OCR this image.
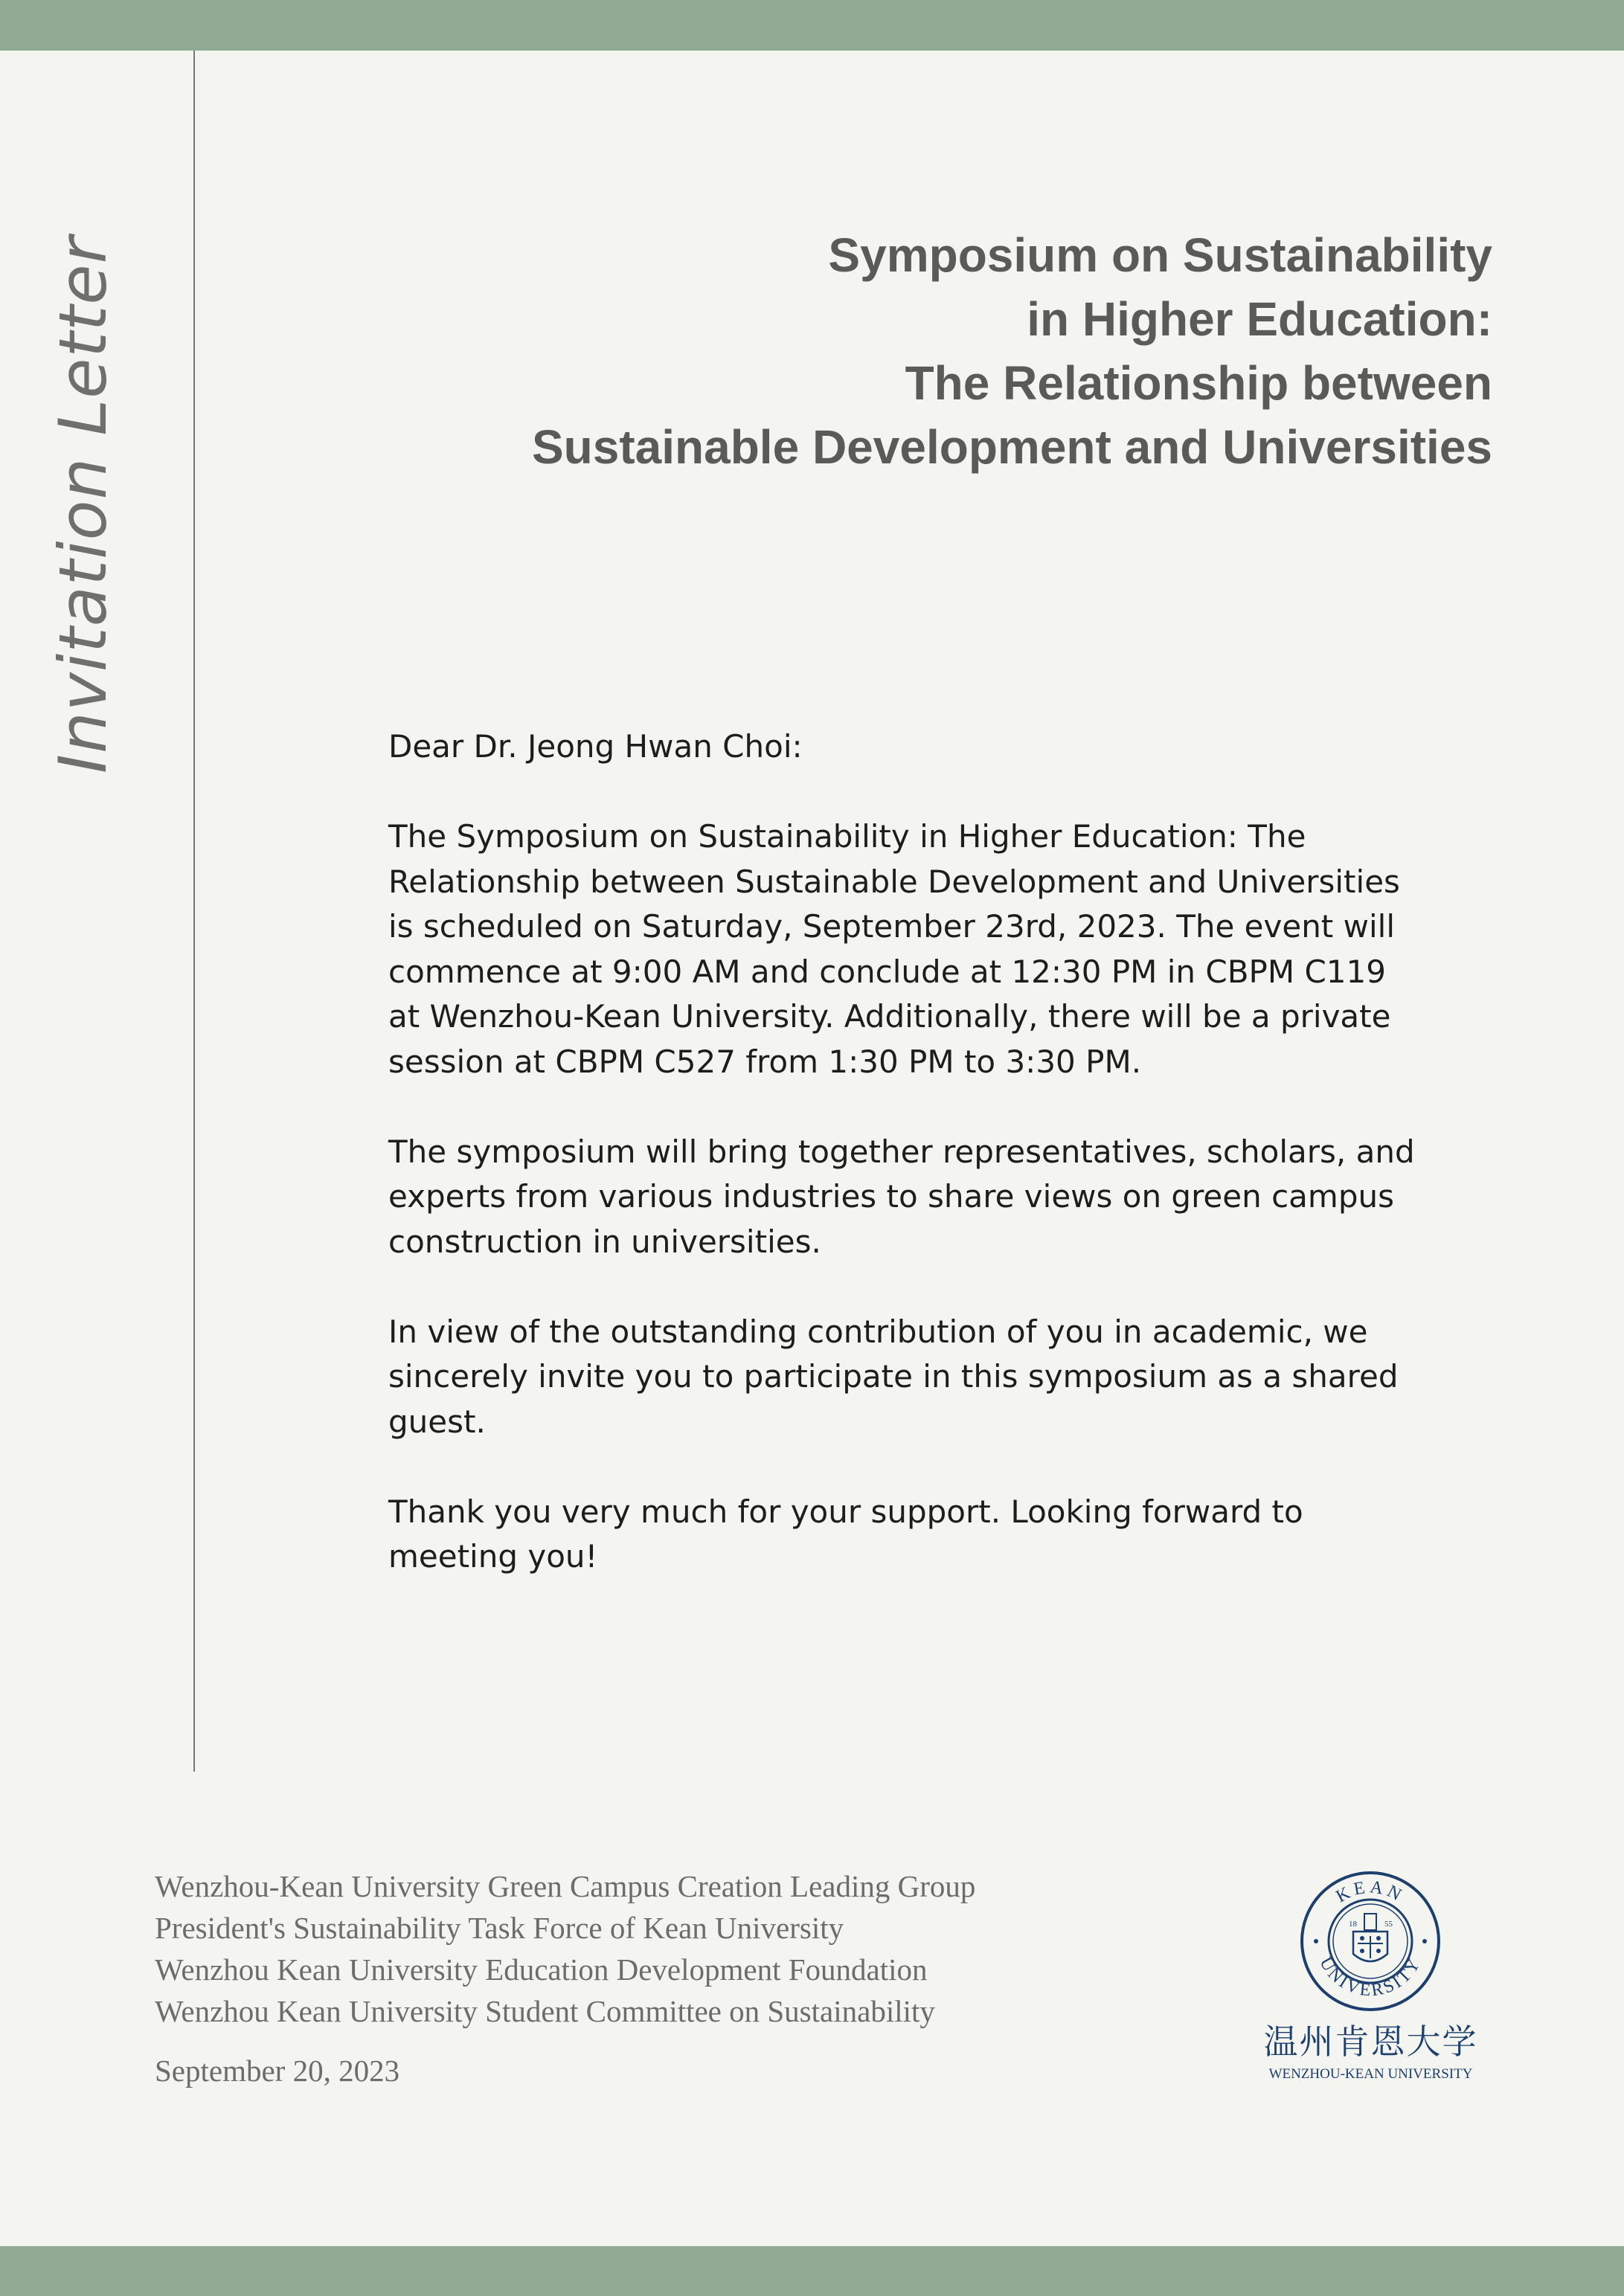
Invitation Letter	Symposium on Sustainability
in Higher Education:
The Relationship between
Sustainable Development and Universities

Dear Dr. Jeong Hwan Choi:

The Symposium on Sustainability in Higher Education: The Relationship between Sustainable Development and Universities is scheduled on Saturday, September 23rd, 2023. The event will commence at 9:00 AM and conclude at 12:30 PM in CBPM C119 at Wenzhou-Kean University. Additionally, there will be a private session at CBPM C527 from 1:30 PM to 3:30 PM.

The symposium will bring together representatives, scholars, and experts from various industries to share views on green campus construction in universities.

In view of the outstanding contribution of you in academic, we sincerely invite you to participate in this symposium as a shared guest.

Thank you very much for your support. Looking forward to meeting you!

Wenzhou-Kean University Green Campus Creation Leading Group
President's Sustainability Task Force of Kean University
Wenzhou Kean University Education Development Foundation
Wenzhou Kean University Student Committee on Sustainability
September 20, 2023
KEAN
UNIVERSITY
18	55
温州肯恩大学
WENZHOU-KEAN UNIVERSITY
